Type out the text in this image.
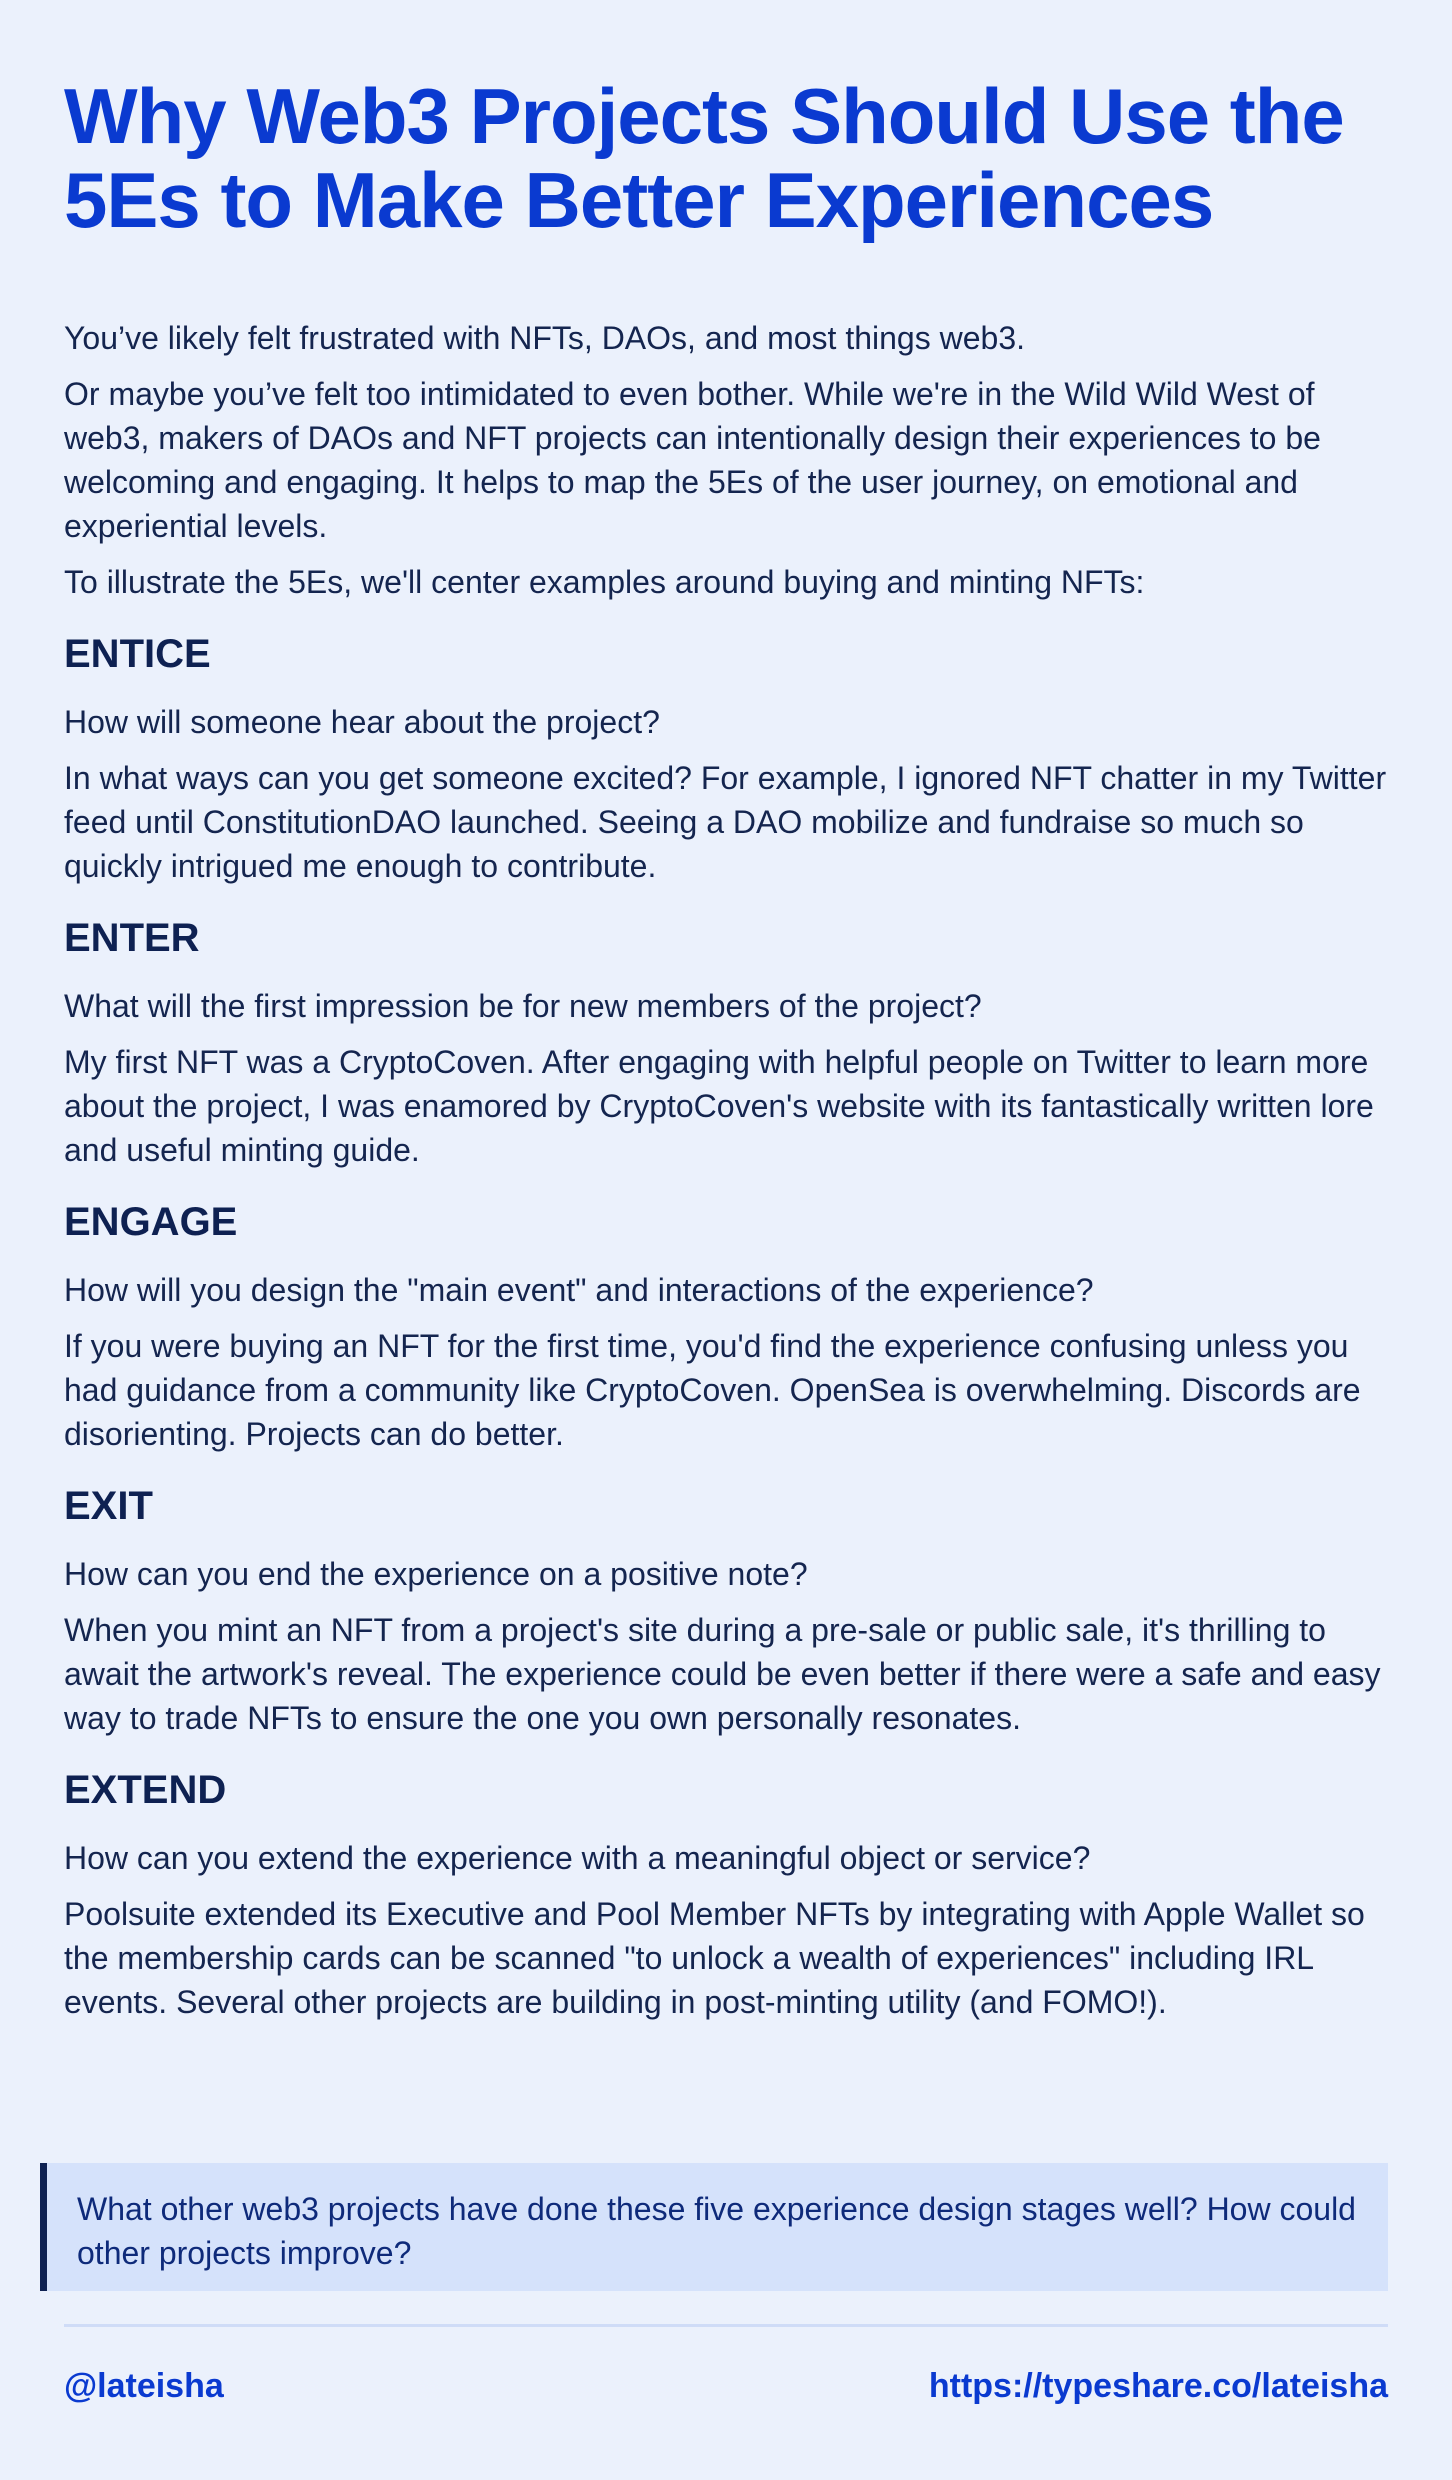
Why Web3 Projects Should Use the 5Es to Make Better Experiences

You’ve likely felt frustrated with NFTs, DAOs, and most things web3.

Or maybe you’ve felt too intimidated to even bother. While we're in the Wild Wild West of web3, makers of DAOs and NFT projects can intentionally design their experiences to be welcoming and engaging. It helps to map the 5Es of the user journey, on emotional and experiential levels.

To illustrate the 5Es, we'll center examples around buying and minting NFTs:

ENTICE

How will someone hear about the project?

In what ways can you get someone excited? For example, I ignored NFT chatter in my Twitter feed until ConstitutionDAO launched. Seeing a DAO mobilize and fundraise so much so quickly intrigued me enough to contribute.

ENTER

What will the first impression be for new members of the project?

My first NFT was a CryptoCoven. After engaging with helpful people on Twitter to learn more about the project, I was enamored by CryptoCoven's website with its fantastically written lore and useful minting guide.

ENGAGE

How will you design the "main event" and interactions of the experience?

If you were buying an NFT for the first time, you'd find the experience confusing unless you had guidance from a community like CryptoCoven. OpenSea is overwhelming. Discords are disorienting. Projects can do better.

EXIT

How can you end the experience on a positive note?

When you mint an NFT from a project's site during a pre-sale or public sale, it's thrilling to await the artwork's reveal. The experience could be even better if there were a safe and easy way to trade NFTs to ensure the one you own personally resonates.

EXTEND

How can you extend the experience with a meaningful object or service?

Poolsuite extended its Executive and Pool Member NFTs by integrating with Apple Wallet so the membership cards can be scanned "to unlock a wealth of experiences" including IRL events. Several other projects are building in post-minting utility (and FOMO!).

What other web3 projects have done these five experience design stages well? How could other projects improve?

@lateisha	https://typeshare.co/lateisha
